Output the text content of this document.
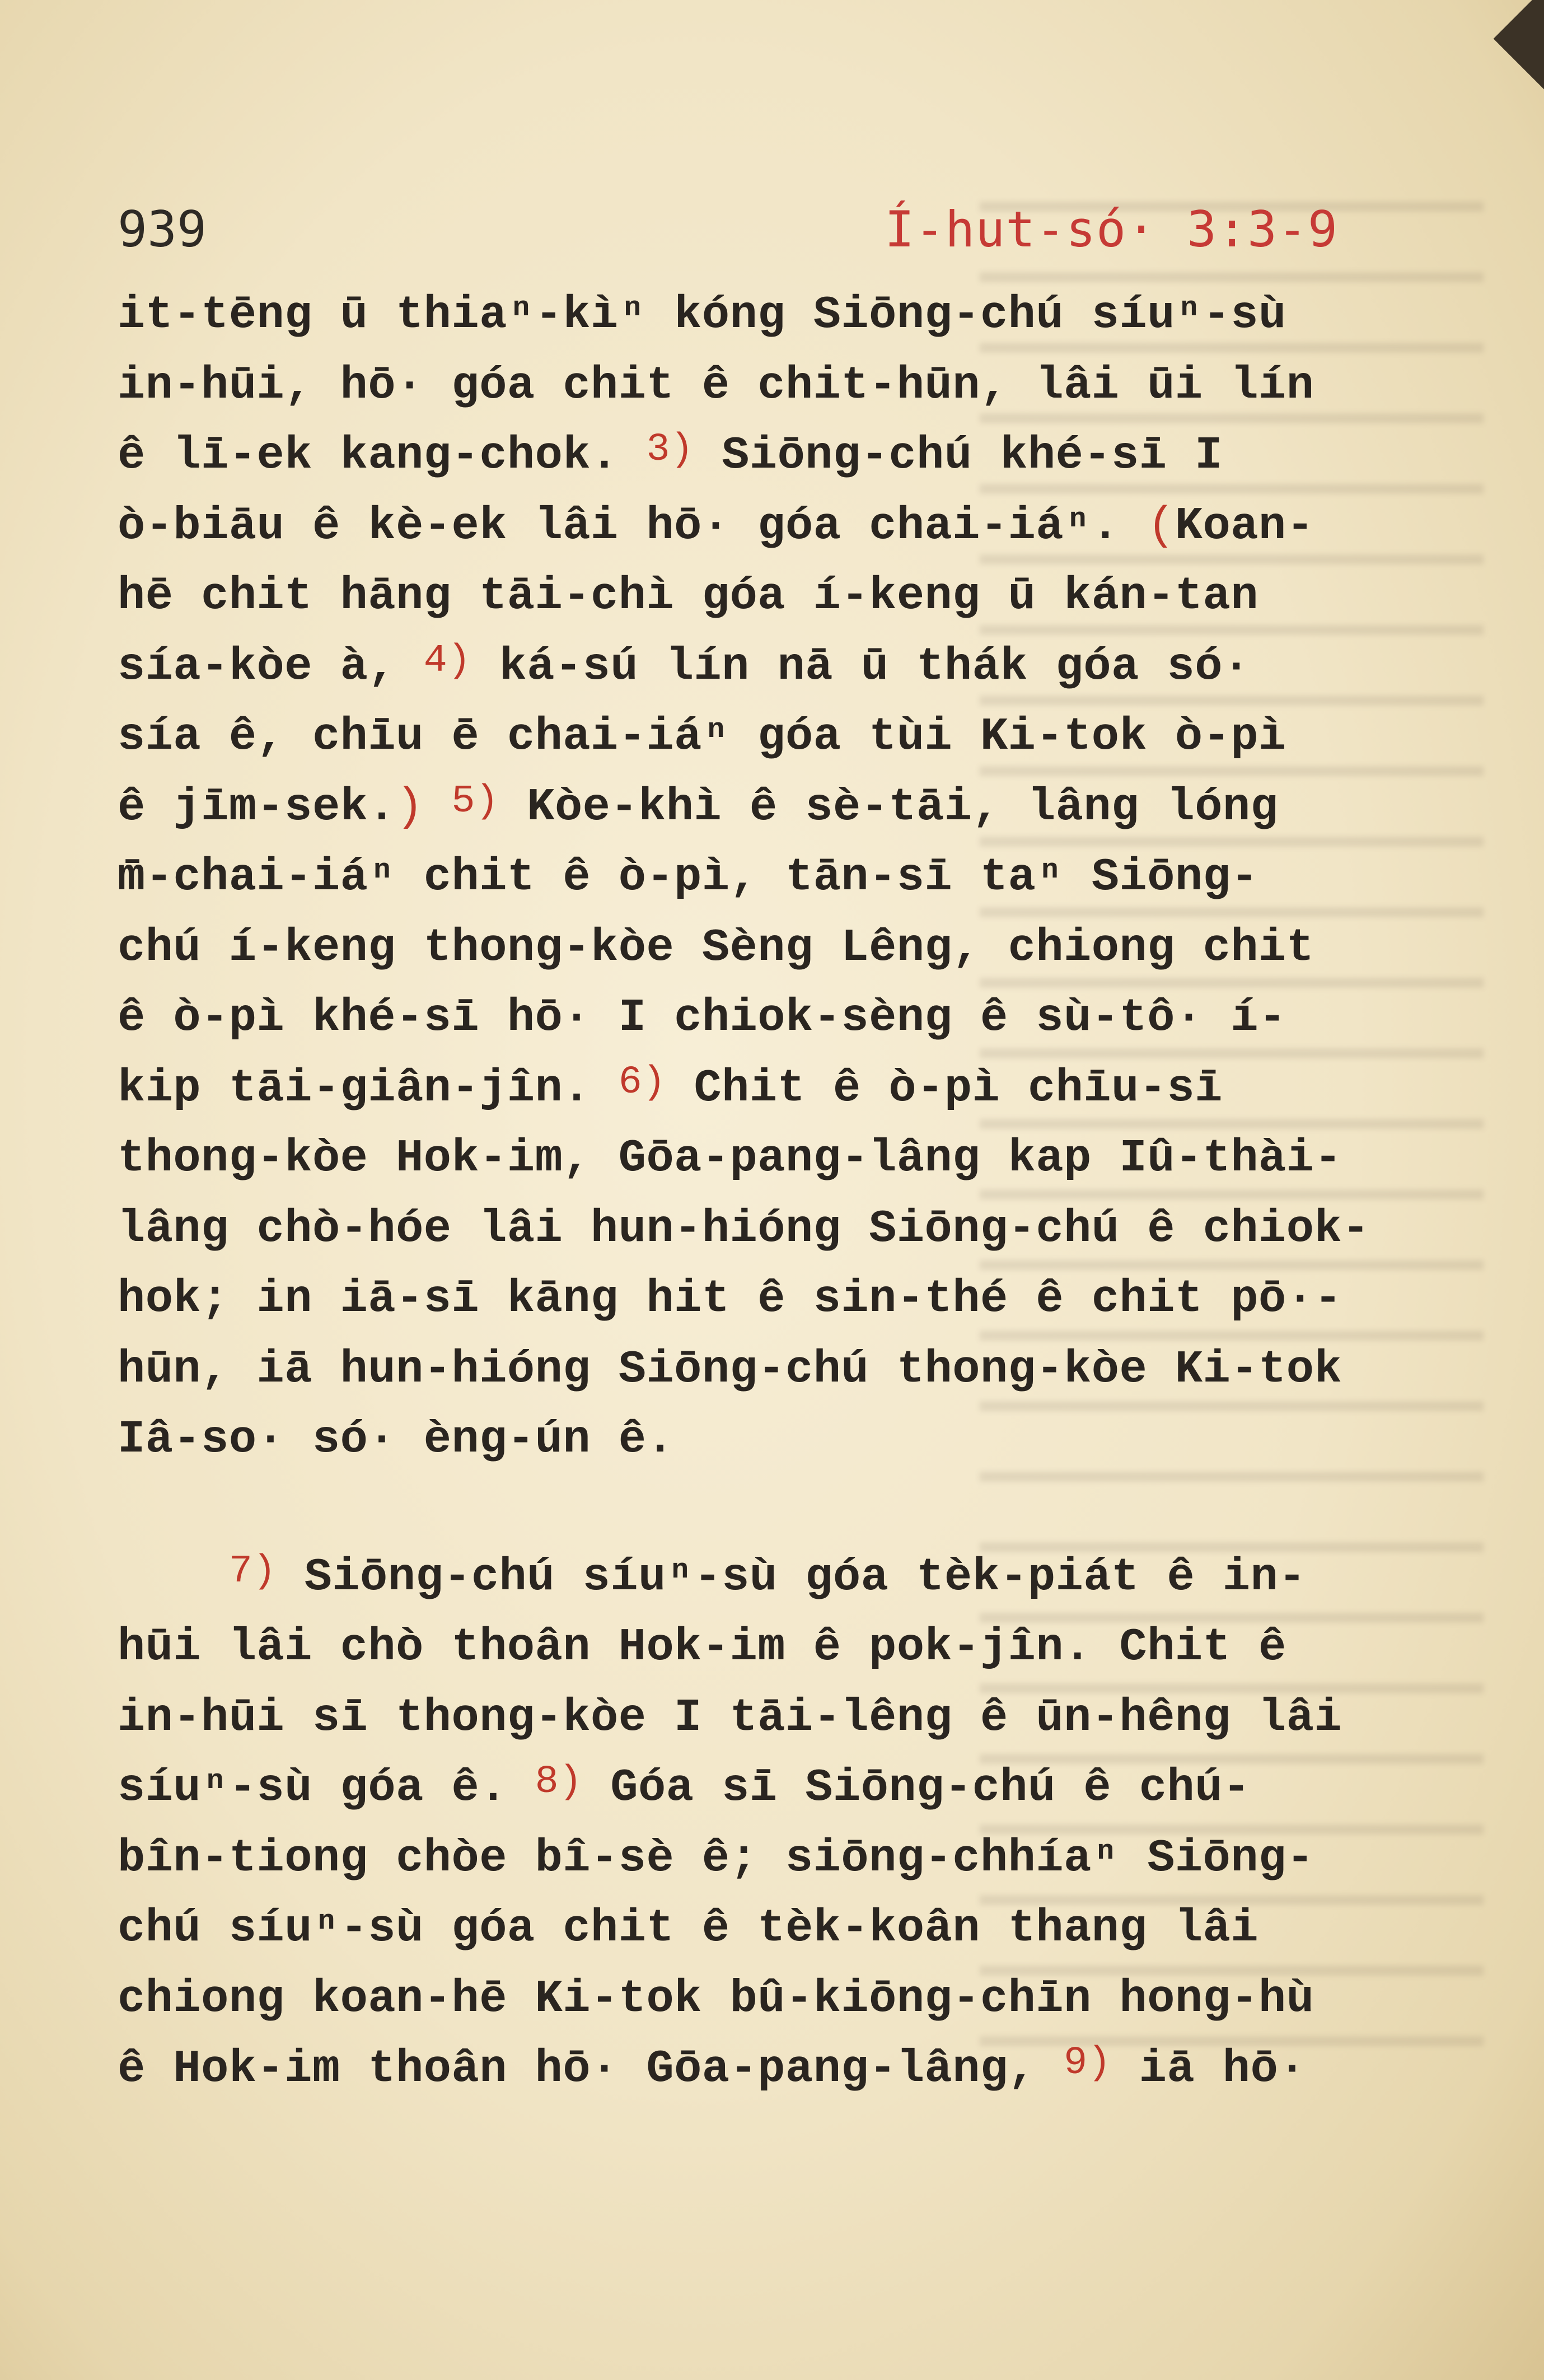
939	Í-hut-só· 3:3-9
it-tēng ū thiaⁿ-kìⁿ kóng Siōng-chú síuⁿ-sù
in-hūi, hō· góa chit ê chit-hūn, lâi ūi lín
ê lī-ek kang-chok. 3) Siōng-chú khé-sī I
ò-biāu ê kè-ek lâi hō· góa chai-iáⁿ. (Koan-
hē chit hāng tāi-chì góa í-keng ū kán-tan
sía-kòe à, 4) ká-sú lín nā ū thák góa só·
sía ê, chīu ē chai-iáⁿ góa tùi Ki-tok ò-pì
ê jīm-sek.) 5) Kòe-khì ê sè-tāi, lâng lóng
m̄-chai-iáⁿ chit ê ò-pì, tān-sī taⁿ Siōng-
chú í-keng thong-kòe Sèng Lêng, chiong chit
ê ò-pì khé-sī hō· I chiok-sèng ê sù-tô· í-
kip tāi-giân-jîn. 6) Chit ê ò-pì chīu-sī
thong-kòe Hok-im, Gōa-pang-lâng kap Iû-thài-
lâng chò-hóe lâi hun-hióng Siōng-chú ê chiok-
hok; in iā-sī kāng hit ê sin-thé ê chit pō·-
hūn, iā hun-hióng Siōng-chú thong-kòe Ki-tok
Iâ-so· só· èng-ún ê.
7) Siōng-chú síuⁿ-sù góa tèk-piát ê in-
hūi lâi chò thoân Hok-im ê pok-jîn. Chit ê
in-hūi sī thong-kòe I tāi-lêng ê ūn-hêng lâi
síuⁿ-sù góa ê. 8) Góa sī Siōng-chú ê chú-
bîn-tiong chòe bî-sè ê; siōng-chhíaⁿ Siōng-
chú síuⁿ-sù góa chit ê tèk-koân thang lâi
chiong koan-hē Ki-tok bû-kiōng-chīn hong-hù
ê Hok-im thoân hō· Gōa-pang-lâng, 9) iā hō·
